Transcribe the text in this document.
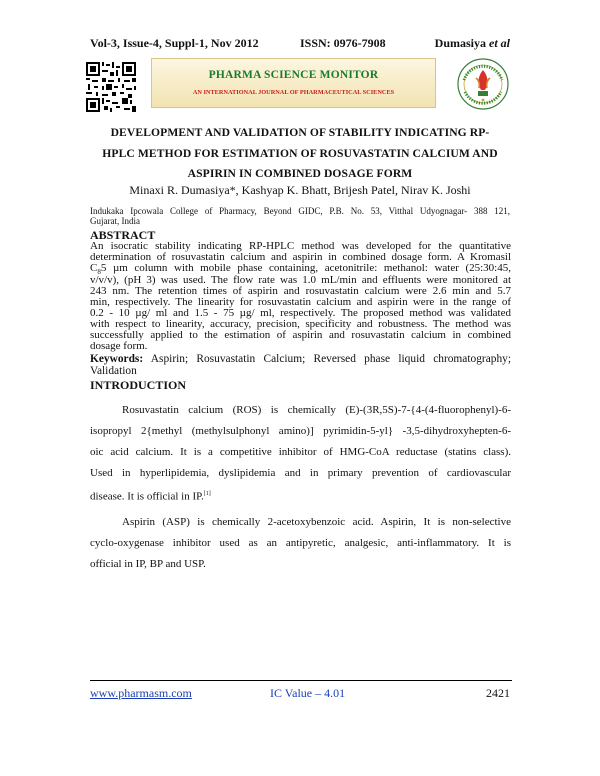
Vol-3, Issue-4, Suppl-1, Nov 2012	ISSN: 0976-7908	Dumasiya et al
PHARMA SCIENCE MONITOR
AN INTERNATIONAL JOURNAL OF PHARMACEUTICAL SCIENCES
DEVELOPMENT AND VALIDATION OF STABILITY INDICATING RP-
HPLC METHOD FOR ESTIMATION OF ROSUVASTATIN CALCIUM AND
ASPIRIN IN COMBINED DOSAGE FORM
Minaxi R. Dumasiya*, Kashyap K. Bhatt, Brijesh Patel, Nirav K. Joshi
Indukaka Ipcowala College of Pharmacy, Beyond GIDC, P.B. No. 53, Vitthal Udyognagar- 388 121,
Gujarat, India
ABSTRACT
An isocratic stability indicating RP-HPLC method was developed for the quantitative
determination of rosuvastatin calcium and aspirin in combined dosage form. A Kromasil
$C_85$ µm column with mobile phase containing, acetonitrile: methanol: water (25:30:45,
v/v/v), (pH 3) was used. The flow rate was 1.0 mL/min and effluents were monitored at
243 nm. The retention times of aspirin and rosuvastatin calcium were 2.6 min and 5.7
min, respectively. The linearity for rosuvastatin calcium and aspirin were in the range of
0.2 - 10 µg/ ml and 1.5 - 75 µg/ ml, respectively. The proposed method was validated
with respect to linearity, accuracy, precision, specificity and robustness. The method was
successfully applied to the estimation of aspirin and rosuvastatin calcium in combined
dosage form.
Keywords: Aspirin; Rosuvastatin Calcium; Reversed phase liquid chromatography;
Validation
INTRODUCTION
Rosuvastatin calcium (ROS) is chemically (E)-(3R,5S)-7-{4-(4-fluorophenyl)-6-
isopropyl 2{methyl (methylsulphonyl amino)] pyrimidin-5-yl} -3,5-dihydroxyhepten-6-
oic acid calcium. It is a competitive inhibitor of HMG-CoA reductase (statins class).
Used in hyperlipidemia, dyslipidemia and in primary prevention of cardiovascular
disease. It is official in IP.[1]
Aspirin (ASP) is chemically 2-acetoxybenzoic acid. Aspirin, It is non-selective
cyclo-oxygenase inhibitor used as an antipyretic, analgesic, anti-inflammatory. It is
official in IP, BP and USP.
www.pharmasm.com	IC Value – 4.01	2421
